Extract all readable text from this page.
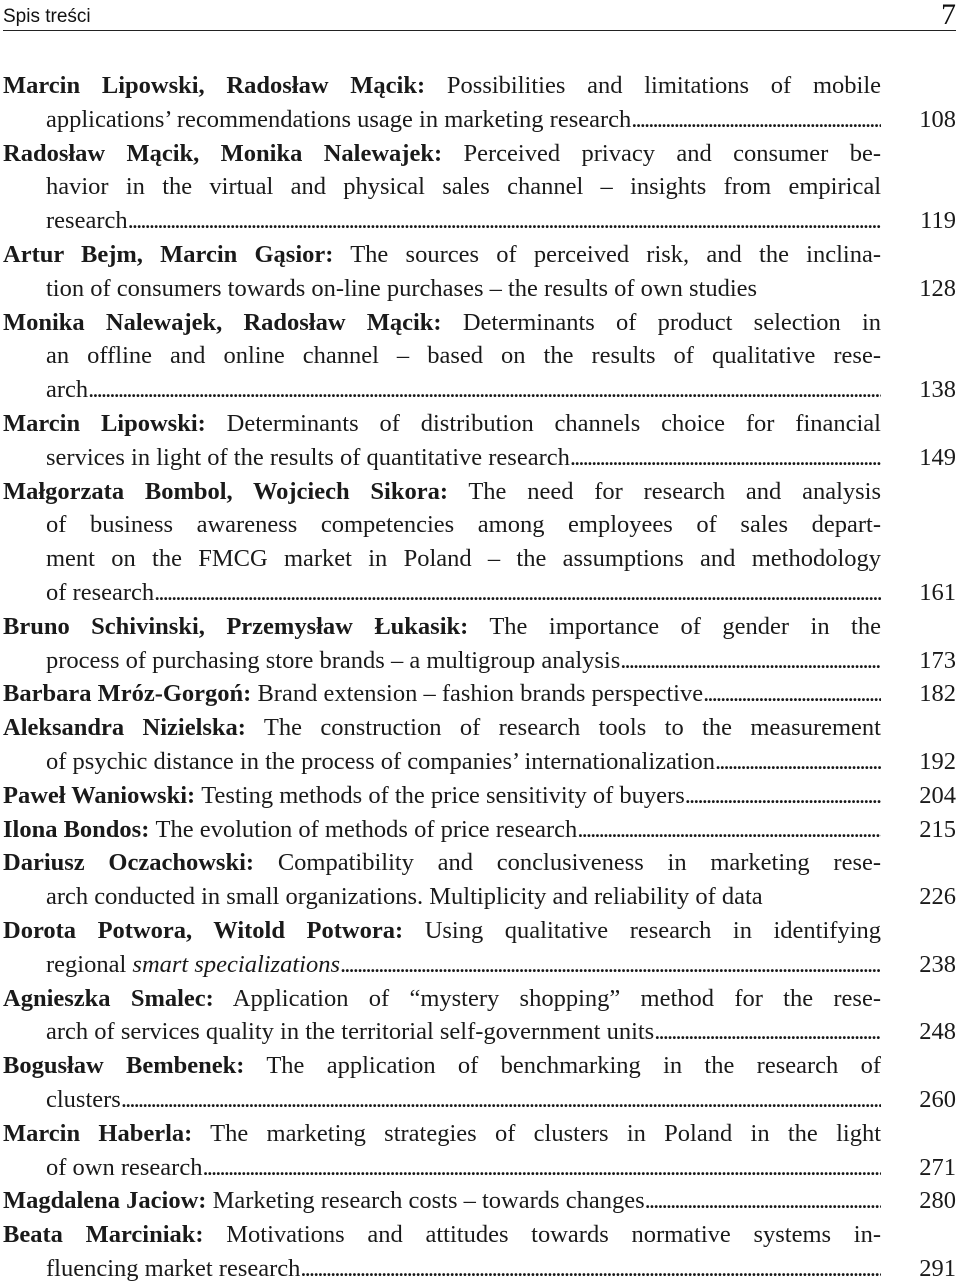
Spis treści	7
Marcin Lipowski, Radosław Mącik: Possibilities and limitations of mobile
applications’ recommendations usage in marketing research . . .	108
Radosław Mącik, Monika Nalewajek: Perceived privacy and consumer be-
havior in the virtual and physical sales channel – insights from empirical
research . . .	119
Artur Bejm, Marcin Gąsior: The sources of perceived risk, and the inclina-
tion of consumers towards on-line purchases – the results of own studies	128
Monika Nalewajek, Radosław Mącik: Determinants of product selection in
an offline and online channel – based on the results of qualitative rese-
arch . . .	138
Marcin Lipowski: Determinants of distribution channels choice for financial
services in light of the results of quantitative research . . .	149
Małgorzata Bombol, Wojciech Sikora: The need for research and analysis
of business awareness competencies among employees of sales depart-
ment on the FMCG market in Poland – the assumptions and methodology
of research . . .	161
Bruno Schivinski, Przemysław Łukasik: The importance of gender in the
process of purchasing store brands – a multigroup analysis . . .	173
Barbara Mróz-Gorgoń: Brand extension – fashion brands perspective . . .	182
Aleksandra Nizielska: The construction of research tools to the measurement
of psychic distance in the process of companies’ internationalization . . .	192
Paweł Waniowski: Testing methods of the price sensitivity of buyers . . .	204
Ilona Bondos: The evolution of methods of price research . . .	215
Dariusz Oczachowski: Compatibility and conclusiveness in marketing rese-
arch conducted in small organizations. Multiplicity and reliability of data	226
Dorota Potwora, Witold Potwora: Using qualitative research in identifying
regional smart specializations . . .	238
Agnieszka Smalec: Application of “mystery shopping” method for the rese-
arch of services quality in the territorial self-government units . . .	248
Bogusław Bembenek: The application of benchmarking in the research of
clusters . . .	260
Marcin Haberla: The marketing strategies of clusters in Poland in the light
of own research . . .	271
Magdalena Jaciow: Marketing research costs – towards changes . . .	280
Beata Marciniak: Motivations and attitudes towards normative systems in-
fluencing market research . . .	291
